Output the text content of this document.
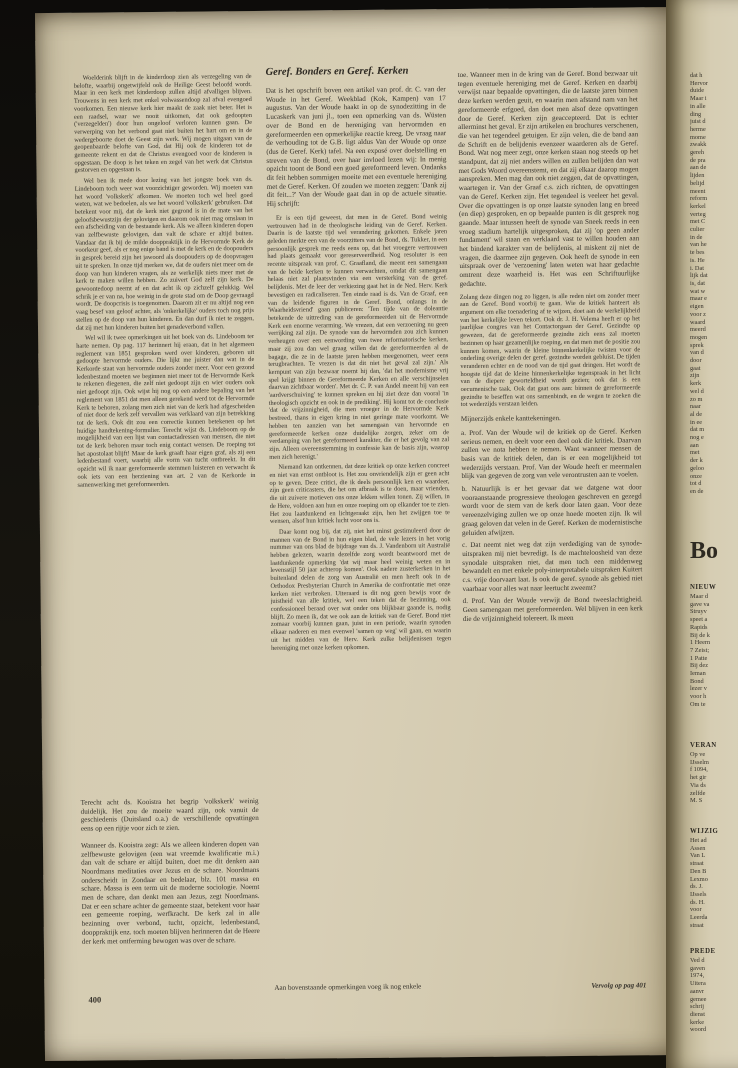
Woelderink blijft in de kinderdoop zien als verzegeling van de belofte, waarbij ongetwijfeld ook de Heilige Geest beloofd wordt. Maar in een kerk met kinderdoop zullen altijd afvalligen blijven. Trouwens in een kerk met enkel volwassendoop zal afval evengoed voorkomen. Een nieuwe kerk hier maakt de zaak niet beter. Het is een raadsel, waar we nooit uitkomen, dat ook gedoopten ('verzegelden') door hun ongeloof verloren kunnen gaan. De verwerping van het verbond gaat niet buiten het hart om en in de wedergeboorte doet de Geest zijn werk. Wij mogen uitgaan van de geopenbaarde belofte van God, dat Hij ook de kinderen tot de gemeente rekent en dat de Christus evengoed voor de kinderen is opgestaan. De doop is het teken en zegel van het werk dat Christus gestorven en opgestaan is.
Wel ben ik mede door lezing van het jongste boek van ds. Lindeboom toch weer wat voorzichtiger geworden. Wij moeten van het woord 'volkskerk' afkomen. We moeten toch wel heel goed weten, wat we bedoelen, als we het woord 'volkskerk' gebruiken. Dat betekent voor mij, dat de kerk niet gegrond is in de mate van het geloofsbewustzijn der gelovigen en daarom ook niet mag omslaan in een afscheiding van de bestaande kerk. Als we alleen kinderen dopen van zelfbewuste gelovigen, dan valt de schare er altijd buiten. Vandaar dat ik bij de milde dooppraktijk in de Hervormde Kerk de voorkeur geef, als er nog enige band is met de kerk en de doopouders in gesprek bereid zijn het jawoord als doopouders op de doopvragen uit te spreken. In onze tijd merken we, dat de ouders niet meer om de doop van hun kinderen vragen, als ze werkelijk niets meer met de kerk te maken willen hebben. Zo zuivert God zelf zijn kerk. De gewoontedoop neemt af en dat acht ik op zichzelf gelukkig. Wel schrik je er van na, hoe weinig in de grote stad om de Doop gevraagd wordt. De doopcrisis is toegenomen. Daarom zit er nu altijd nog een vaag besef van geloof achter, als 'onkerkelijke' ouders toch nog prijs stellen op de doop van hun kinderen. En dan durf ik niet te zeggen, dat zij met hun kinderen buiten het genadeverbond vallen.
Wel wil ik twee opmerkingen uit het boek van ds. Lindeboom ter harte nemen. Op pag. 117 herinnert hij eraan, dat in het algemeen reglement van 1851 gesproken werd over kinderen, geboren uit gedoopte hervormde ouders. Die lijkt me juister dan wat in de Kerkorde staat van hervormde ouders zonder meer. Voor een gezond ledenbestand moeten we beginnen niet meer tot de Hervormde Kerk te rekenen diegenen, die zelf niet gedoopt zijn en wier ouders ook niet gedoopt zijn. Ook wijst hij nog op een andere bepaling van het reglement van 1851 dat men alleen gerekend werd tot de Hervormde Kerk te behoren, zolang men zich niet van de kerk had afgescheiden of niet door de kerk zelf vervallen was verklaard van zijn betrekking tot de kerk. Ook dit zou een correctie kunnen betekenen op het huidige handtekening-formulier. Terecht wijst ds. Lindeboom op de mogelijkheid van een lijst van contactadressen van mensen, die niet tot de kerk behoren maar toch enig contact wensen. De roeping tot het apostolaat blijft! Maar de kerk graaft haar eigen graf, als zij een ledenbestand voert, waarbij alle vorm van tucht ontbreekt. In dit opzicht wil ik naar gereformeerde stemmen luisteren en verwacht ik ook iets van een herziening van art. 2 van de Kerkorde in samenwerking met gereformeerden.
Terecht acht ds. Kooistra het begrip 'volkskerk' weinig duidelijk. Het zou de moeite waard zijn, ook vanuit de geschiedenis (Duitsland o.a.) de verschillende opvattingen eens op een rijtje voor zich te zien.
Wanneer ds. Kooistra zegt: Als we alleen kinderen dopen van zelfbewuste gelovigen (een wat vreemde kwalificatie m.i.) dan valt de schare er altijd buiten, doet me dit denken aan Noordmans meditaties over Jezus en de schare. Noordmans onderscheidt in Zondaar en bedelaar, blz. 101 massa en schare. Massa is een term uit de moderne sociologie. Noemt men de schare, dan denkt men aan Jezus, zegt Noordmans. Dat er een schare achter de gemeente staat, betekent voor haar een gemeente roeping, werfkracht. De kerk zal in alle bezinning over verbond, tucht, opzicht, ledenbestand, dooppraktijk enz. toch moeten blijven herinneren dat de Heere der kerk met ontferming bewogen was over de schare.
Geref. Bonders en Geref. Kerken
Dat is het opschrift boven een artikel van prof. dr. C. van der Woude in het Geref. Weekblad (Kok, Kampen) van 17 augustus. Van der Woude haakt in op de synodezitting in de Lucaskerk van juni jl., toen een opmerking van ds. Wüsten over de Bond en de hereniging van hervormden en gereformeerden een opmerkelijke reactie kreeg. De vraag naar de verhouding tot de G.B. ligt aldus Van der Woude op onze (dus de Geref. Kerk) tafel. Na een exposé over doelstelling en streven van de Bond, over haar invloed lezen wij: In menig opzicht toont de Bond een goed gereformeerd leven. Ondanks dit feit hebben sommigen moeite met een eventuele hereniging met de Geref. Kerken. Of zouden we moeten zeggen: 'Dank zij dit feit...?' Van der Woude gaat dan in op de actuele situatie. Hij schrijft:
Er is een tijd geweest, dat men in de Geref. Bond weinig vertrouwen had in de theologische leiding van de Geref. Kerken. Daarin is de laatste tijd wel verandering gekomen. Enkele jaren geleden merkte een van de voorzitters van de Bond, ds. Tukker, in een persoonlijk gesprek me reeds eens op, dat het vroegere vertrouwen had plaats gemaakt voor gereserveerdheid. Nog resoluter is een recente uitspraak van prof. C. Graafland, die meent een samengaan van de beide kerken te kunnen verwachten, omdat dit samengaan helaas niet zal plaatsvinden via een versterking van de geref. belijdenis. Met de leer der verkiezing gaat het in de Ned. Herv. Kerk bevestigen en radicaliseren. Ten einde raad is ds. Van de Graaf, een van de leidende figuren in de Geref. Bond, onlangs in de 'Waarheidsvriend' gaan publiceren: 'Ten tijde van de doleantie betekende de uittreding van de gereformeerden uit de Hervormde Kerk een enorme verarming. We vrezen, dat een verzoening nu geen verrijking zal zijn. De synode van de hervormden zou zich kunnen verheugen over een eenwording van twee reformatorische kerken, maar zij zou dan wel graag willen dat de gereformeerden al de bagage, die ze in de laatste jaren hebben meegenomen, weer eens terugbrachten. Te vrezen is dat dit niet het geval zal zijn.' Als kernpunt van zijn bezwaar noemt hij dan, 'dat het modernisme vrij spel krijgt binnen de Gereformeerde Kerken en alle verschijnselen daarvan zichtbaar worden'. Met dr. C. P. van Andel meent hij van een 'aardverschuiving' te kunnen spreken en hij ziet deze dan vooral 'in theologisch opzicht en ook in de prediking'. Hij komt tot de conclusie 'dat de vrijzinnigheid, die men vroeger in de Hervormde Kerk bestreed, thans in eigen kring in niet geringe mate voorkomt. We hebben ten aanzien van het samengaan van hervormde en gereformeerde kerken onze duidelijke zorgen, zeker om de verdamping van het gereformeerd karakter, die er het gevolg van zal zijn. Alleen overeenstemming in confessie kan de basis zijn, waarop men zich herenigt.'
Niemand kan ontkennen, dat deze kritiek op onze kerken concreet en niet van ernst ontbloot is. Het zou onvriendelijk zijn er geen acht op te geven. Deze critici, die ik deels persoonlijk ken en waardeer, zijn geen criticasters, die het om afbraak is te doen, maar vrienden, die uit zuivere motieven ons onze lekken willen tonen. Zij willen, in de Here, voldoen aan hun en onze roeping om op elkander toe te zien. Het zou laatdunkend en lichtgeraakt zijn, hen het zwijgen toe te wensen, alsof hun kritiek lucht voor ons is.
Daar komt nog bij, dat zij, niet het minst gestimuleerd door de mannen van de Bond in hun eigen blad, de vele lezers in het vorig nummer van ons blad de bijdrage van ds. J. Vandenborn uit Australië hebben gelezen, waarin dezelfde zorg wordt beantwoord met de laatdunkende opmerking 'dat wij maar heel weinig weten en in levensstijl 50 jaar achterop komen'. Ook nadere zusterkerken in het buitenland delen de zorg van Australië en men heeft ook in de Orthodox Presbyterian Church in Amerika de confrontatie met onze kerken niet verbroken. Uiteraard is dit nog geen bewijs voor de juistheid van alle kritiek, wel een teken dat de bezinning, ook confessioneel beraad over wat onder ons blijkbaar gaande is, nodig blijft. Zo meen ik, dat we ook aan de kritiek van de Geref. Bond niet zomaar voorbij kunnen gaan, juist in een periode, waarin synoden elkaar naderen en men evenwel 'samen op weg' wil gaan, en waarin uit het midden van de Herv. Kerk zulke belijdenissen tegen hereniging met onze kerken opkomen.
Aan bovenstaande opmerkingen voeg ik nog enkele
toe. Wanneer men in de kring van de Geref. Bond bezwaar uit tegen eventuele hereniging met de Geref. Kerken en daarbij verwijst naar bepaalde opvattingen, die de laatste jaren binnen deze kerken werden geuit, en waarin men afstand nam van het gereformeerde erfgoed, dan doet men alsof deze opvattingen door de Geref. Kerken zijn geaccepteerd. Dat is echter allerminst het geval. Er zijn artikelen en brochures verschenen, die van het tegendeel getuigen. Er zijn velen, die de band aan de Schrift en de belijdenis evenzeer waarderen als de Geref. Bond. Wat nog meer zegt, onze kerken staan nog steeds op het standpunt, dat zij niet anders willen en zullen belijden dan wat met Gods Woord overeenstemt, en dat zij elkaar daarop mogen aanspreken. Men mag dan ook niet zeggen, dat de opvattingen, waartegen ir. Van der Graaf c.s. zich richten, de opvattingen van de Geref. Kerken zijn. Het tegendeel is veeleer het geval. Over die opvattingen is op onze laatste synoden lang en breed (en diep) gesproken, en op bepaalde punten is dit gesprek nog gaande. Maar intussen heeft de synode van Sneek reeds in een vroeg stadium hartelijk uitgesproken, dat zij 'op geen ander fundament' wil staan en verklaard vast te willen houden aan het bindend karakter van de belijdenis, al miskent zij niet de vragen, die daarmee zijn gegeven. Ook heeft de synode in een uitspraak over de 'verzoening' laten weten wat haar gedachte omtrent deze waarheid is. Het was een Schriftuurlijke gedachte.
Zolang deze dingen nog zo liggen, is alle reden niet om zonder meer aan de Geref. Bond voorbij te gaan. Wie de kritiek hanteert als argument om elke toenadering af te wijzen, doet aan de werkelijkheid van het kerkelijke leven tekort. Ook dr. J. H. Velema heeft er op het jaarlijkse congres van het Contactorgaan der Geref. Gezindte op gewezen, dat de gereformeerde gezindte zich eens zal moeten bezinnen op haar gezamenlijke roeping, en dat men met de positie zou kunnen komen, waarin de kleine binnenkerkelijke twisten voor de onderling overige delen der geref. gezindte worden gebluist. De tijden veranderen echter en de nood van de tijd gaat dringen. Het wordt de hoogste tijd dat de kleine hinnenkerkelijke tegenspraak in het licht van de diepere geworteldheid wordt gezien; ook dat is een oecumenische taak. Ook dat gaat ons aan: binnen de gereformeerde gezindte te beseffen wat ons samenbindt, en de wegen te zoeken die tot wederzijds verstaan leiden.
Mijnerzijds enkele kanttekeningen.
a. Prof. Van der Woude wil de kritiek op de Geref. Kerken serieus nemen, en deelt voor een deel ook die kritiek. Daarvan zullen we nota hebben te nemen. Want wanneer mensen de basis van de kritiek delen, dan is er een mogelijkheid tot wederzijds verstaan. Prof. Van der Woude heeft er meermalen blijk van gegeven de zorg van vele verontrusten aan te voelen.
b. Natuurlijk is er het gevaar dat we datgene wat door vooraanstaande progressieve theologen geschreven en gezegd wordt voor de stem van de kerk door laten gaan. Voor deze vereenzelviging zullen we op onze hoede moeten zijn. Ik wil graag geloven dat velen in de Geref. Kerken de modernistische geluiden afwijzen.
c. Dat neemt niet weg dat zijn verdediging van de synode-uitspraken mij niet bevredigt. Is de machteloosheid van deze synodale uitspraken niet, dat men toch een middenweg bewandelt en met enkele poly-interpretabele uitspraken Kuitert c.s. vrije doorvaart laat. Is ook de geref. synode als gebied niet vaarbaar voor alles wat naar leertucht zweemt?
d. Prof. Van der Woude verwijt de Bond tweeslachtigheid. Geen samengaan met gereformeerden. Wel blijven in een kerk die de vrijzinnigheid tolereert. Ik meen
Vervolg op pag 401
400
dat h
Hervor
duide
Maar i
in alle
ding
juist d
herme
mome
zwakk
gereh
de pra
aan de
lijden
belijd
meent
reform
kerkel
verteg
met C
culier
in de
van he
te bes
is. He
i. Dat
lijk dat
is, dat
wat w
maar e
eigen
voor z
waard
meerd
mogen
sprek
van d
door
gaat
zijn
kerk
wel d
zo m
naar
al de
in ee
dat m
nog e
aan
met
der k
geloo
onze
tot d
en de
Bo
NIEUW
Maar d
gave va
Struyv
speet a
Rapids
Bij de k
1 Heern
7 Zeist;
1 Patte
Bij dez
Ieman
Bond
lezer v
voor h
Om te
VERAN
Op ve
IJsselm
f 1094,
het gir
Via ds
zelfde
M. S
WIJZIG
Het ad
Assen
Van L
straat
Den B
Lexmo
ds. J.
IJssels
ds. H.
voor
Leerda
straat
PREDE
Ved d
gaven
1974,
Uitera
aanvr
gemee
schrij
dienst
kerke
woord
